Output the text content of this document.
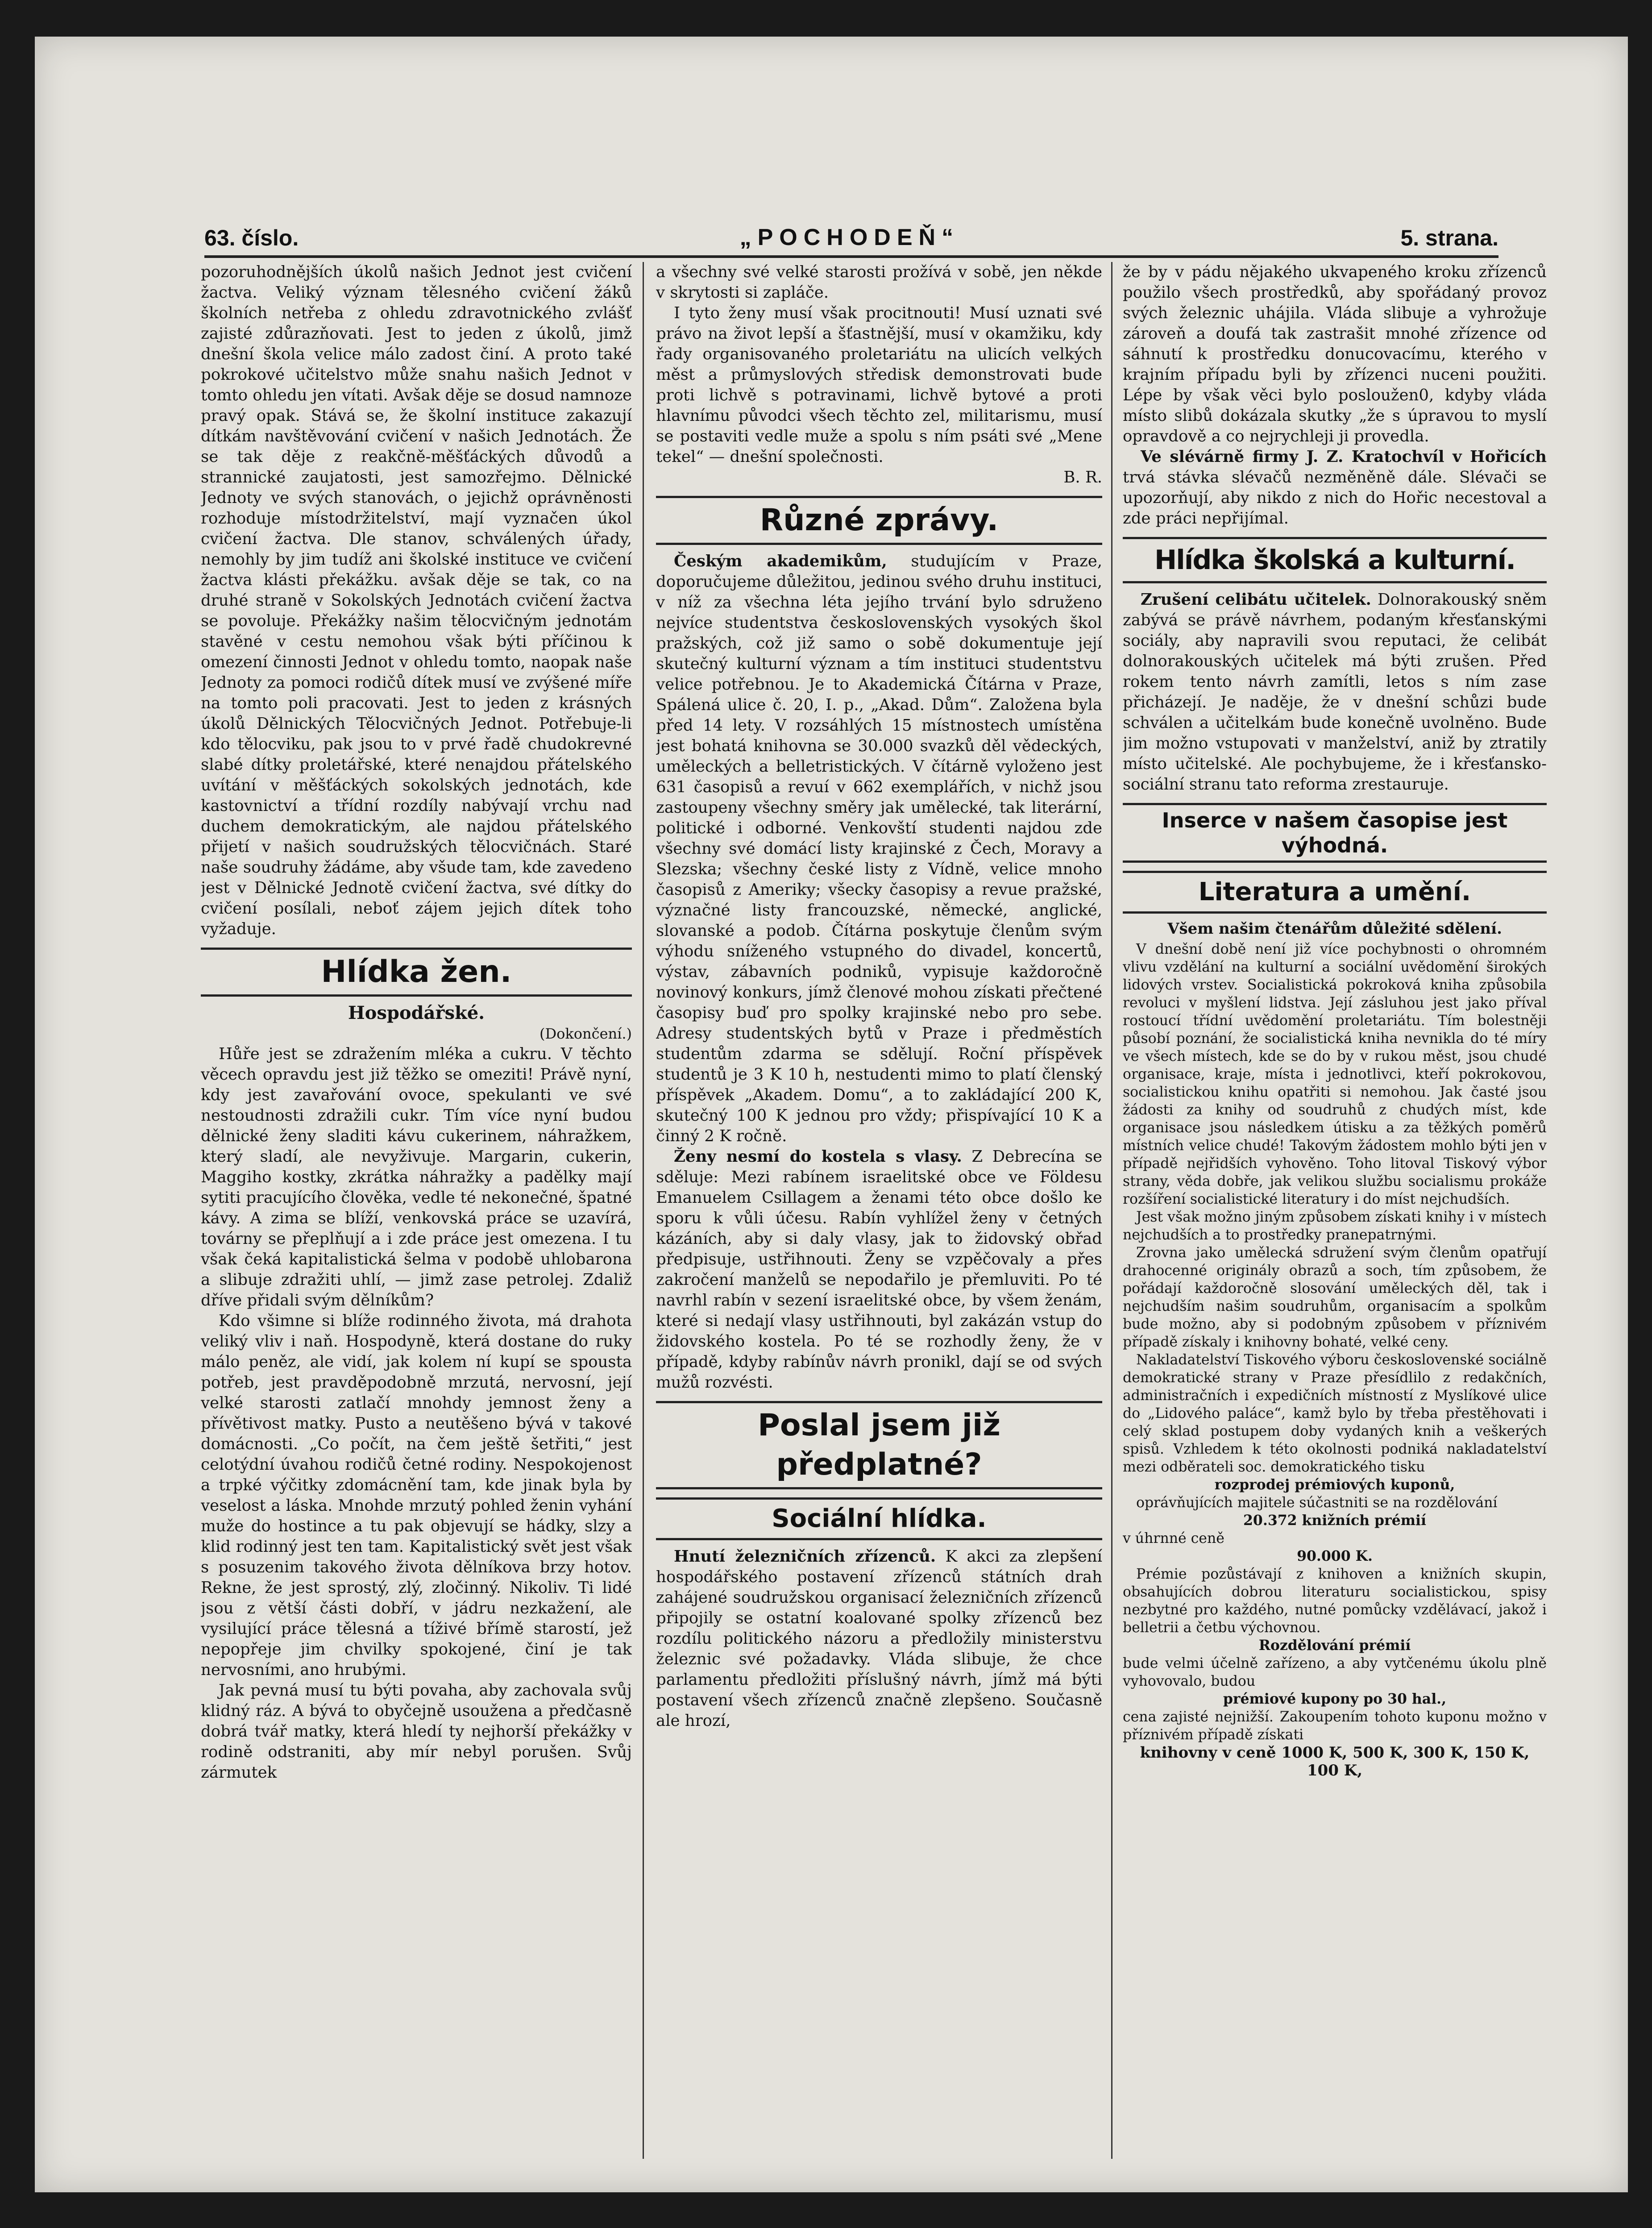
63. číslo.	„POCHODEŇ“	5. strana.

pozoruhodnějších úkolů našich Jednot jest cvičení žactva. Veliký význam tělesného cvičení žáků školních netřeba z ohledu zdravotnického zvlášť zajisté zdůrazňovati. Jest to jeden z úkolů, jimž dnešní škola velice málo zadost činí. A proto také pokrokové učitelstvo může snahu našich Jednot v tomto ohledu jen vítati. Avšak děje se dosud namnoze pravý opak. Stává se, že školní instituce zakazují dítkám navštěvování cvičení v našich Jednotách. Že se tak děje z reakčně-měšťáckých důvodů a strannické zaujatosti, jest samozřejmo. Dělnické Jednoty ve svých stanovách, o jejichž oprávněnosti rozhoduje místodržitelství, mají vyznačen úkol cvičení žactva. Dle stanov, schválených úřady, nemohly by jim tudíž ani školské instituce ve cvičení žactva klásti překážku. avšak děje se tak, co na druhé straně v Sokolských Jednotách cvičení žactva se povoluje. Překážky našim tělocvičným jednotám stavěné v cestu nemohou však býti příčinou k omezení činnosti Jednot v ohledu tomto, naopak naše Jednoty za pomoci rodičů dítek musí ve zvýšené míře na tomto poli pracovati. Jest to jeden z krásných úkolů Dělnických Tělocvičných Jednot. Potřebuje-li kdo tělocviku, pak jsou to v prvé řadě chudokrevné slabé dítky proletářské, které nenajdou přátelského uvítání v měšťáckých sokolských jednotách, kde kastovnictví a třídní rozdíly nabývají vrchu nad duchem demokratickým, ale najdou přátelského přijetí v našich soudružských tělocvičnách. Staré naše soudruhy žádáme, aby všude tam, kde zavedeno jest v Dělnické Jednotě cvičení žactva, své dítky do cvičení posílali, neboť zájem jejich dítek toho vyžaduje.

Hlídka žen.
Hospodářské.
(Dokončení.)

Hůře jest se zdražením mléka a cukru. V těchto věcech opravdu jest již těžko se omeziti! Právě nyní, kdy jest zavařování ovoce, spekulanti ve své nestoudnosti zdražili cukr. Tím více nyní budou dělnické ženy sladiti kávu cukerinem, náhražkem, který sladí, ale nevyživuje. Margarin, cukerin, Maggiho kostky, zkrátka náhražky a padělky mají sytiti pracujícího člověka, vedle té nekonečné, špatné kávy. A zima se blíží, venkovská práce se uzavírá, továrny se přeplňují a i zde práce jest omezena. I tu však čeká kapitalistická šelma v podobě uhlobarona a slibuje zdražiti uhlí, — jimž zase petrolej. Zdaliž dříve přidali svým dělníkům?

Kdo všimne si blíže rodinného života, má drahota veliký vliv i naň. Hospodyně, která dostane do ruky málo peněz, ale vidí, jak kolem ní kupí se spousta potřeb, jest pravděpodobně mrzutá, nervosní, její velké starosti zatlačí mnohdy jemnost ženy a přívětivost matky. Pusto a neutěšeno bývá v takové domácnosti. „Co počít, na čem ještě šetřiti,“ jest celotýdní úvahou rodičů četné rodiny. Nespokojenost a trpké výčitky zdomácnění tam, kde jinak byla by veselost a láska. Mnohde mrzutý pohled ženin vyhání muže do hostince a tu pak objevují se hádky, slzy a klid rodinný jest ten tam. Kapitalistický svět jest však s posuzenim takového života dělníkova brzy hotov. Rekne, že jest sprostý, zlý, zločinný. Nikoliv. Ti lidé jsou z větší části dobří, v jádru nezkažení, ale vysilující práce tělesná a tíživé břímě starostí, jež nepopřeje jim chvilky spokojené, činí je tak nervosními, ano hrubými.

Jak pevná musí tu býti povaha, aby zachovala svůj klidný ráz. A bývá to obyčejně usoužena a předčasně dobrá tvář matky, která hledí ty nejhorší překážky v rodině odstraniti, aby mír nebyl porušen. Svůj zármutek

a všechny své velké starosti prožívá v sobě, jen někde v skrytosti si zapláče.

I tyto ženy musí však procitnouti! Musí uznati své právo na život lepší a šťastnější, musí v okamžiku, kdy řady organisovaného proletariátu na ulicích velkých měst a průmyslových středisk demonstrovati bude proti lichvě s potravinami, lichvě bytové a proti hlavnímu původci všech těchto zel, militarismu, musí se postaviti vedle muže a spolu s ním psáti své „Mene tekel“ — dnešní společnosti.

B. R.
Různé zprávy.

Českým akademikům, studujícím v Praze, doporučujeme důležitou, jedinou svého druhu instituci, v níž za všechna léta jejího trvání bylo sdruženo nejvíce studentstva československých vysokých škol pražských, což již samo o sobě dokumentuje její skutečný kulturní význam a tím instituci studentstvu velice potřebnou. Je to Akademická Čítárna v Praze, Spálená ulice č. 20, I. p., „Akad. Dům“. Založena byla před 14 lety. V rozsáhlých 15 místnostech umístěna jest bohatá knihovna se 30.000 svazků děl vědeckých, uměleckých a belletristických. V čítárně vyloženo jest 631 časopisů a revuí v 662 exemplářích, v nichž jsou zastoupeny všechny směry jak umělecké, tak literární, politické i odborné. Venkovští studenti najdou zde všechny své domácí listy krajinské z Čech, Moravy a Slezska; všechny české listy z Vídně, velice mnoho časopisů z Ameriky; všecky časopisy a revue pražské, význačné listy francouzské, německé, anglické, slovanské a podob. Čítárna poskytuje členům svým výhodu sníženého vstupného do divadel, koncertů, výstav, zábavních podniků, vypisuje každoročně novinový konkurs, jímž členové mohou získati přečtené časopisy buď pro spolky krajinské nebo pro sebe. Adresy studentských bytů v Praze i předměstích studentům zdarma se sdělují. Roční příspěvek studentů je 3 K 10 h, nestudenti mimo to platí členský příspěvek „Akadem. Domu“, a to zakládající 200 K, skutečný 100 K jednou pro vždy; přispívající 10 K a činný 2 K ročně.

Ženy nesmí do kostela s vlasy. Z Debrecína se sděluje: Mezi rabínem israelitské obce ve Földesu Emanuelem Csillagem a ženami této obce došlo ke sporu k vůli účesu. Rabín vyhlížel ženy v četných kázáních, aby si daly vlasy, jak to židovský obřad předpisuje, ustřihnouti. Ženy se vzpěčovaly a přes zakročení manželů se nepodařilo je přemluviti. Po té navrhl rabín v sezení israelitské obce, by všem ženám, které si nedají vlasy ustřihnouti, byl zakázán vstup do židovského kostela. Po té se rozhodly ženy, že v případě, kdyby rabínův návrh pronikl, dají se od svých mužů rozvésti.

Poslal jsem již předplatné?
Sociální hlídka.

Hnutí železničních zřízenců. K akci za zlepšení hospodářského postavení zřízenců státních drah zahájené soudružskou organisací železničních zřízenců připojily se ostatní koalované spolky zřízenců bez rozdílu politického názoru a předložily ministerstvu železnic své požadavky. Vláda slibuje, že chce parlamentu předložiti příslušný návrh, jímž má býti postavení všech zřízenců značně zlepšeno. Současně ale hrozí,

že by v pádu nějakého ukvapeného kroku zřízenců použilo všech prostředků, aby spořádaný provoz svých železnic uhájila. Vláda slibuje a vyhrožuje zároveň a doufá tak zastrašit mnohé zřízence od sáhnutí k prostředku donucovacímu, kterého v krajním případu byli by zřízenci nuceni použiti. Lépe by však věci bylo posloužen0, kdyby vláda místo slibů dokázala skutky „že s úpravou to myslí opravdově a co nejrychleji ji provedla.

Ve slévárně firmy J. Z. Kratochvíl v Hořicích trvá stávka slévačů nezměněně dále. Slévači se upozorňují, aby nikdo z nich do Hořic necestoval a zde práci nepřijímal.

Hlídka školská a kulturní.

Zrušení celibátu učitelek. Dolnorakouský sněm zabývá se právě návrhem, podaným křesťanskými sociály, aby napravili svou reputaci, že celibát dolnorakouských učitelek má býti zrušen. Před rokem tento návrh zamítli, letos s ním zase přicházejí. Je naděje, že v dnešní schůzi bude schválen a učitelkám bude konečně uvolněno. Bude jim možno vstupovati v manželství, aniž by ztratily místo učitelské. Ale pochybujeme, že i křesťansko-sociální stranu tato reforma zrestauruje.

Inserce v našem časopise jest výhodná.
Literatura a umění.
Všem našim čtenářům důležité sdělení.

V dnešní době není již více pochybnosti o ohromném vlivu vzdělání na kulturní a sociální uvědomění širokých lidových vrstev. Socialistická pokroková kniha způsobila revoluci v myšlení lidstva. Její zásluhou jest jako příval rostoucí třídní uvědomění proletariátu. Tím bolestněji působí poznání, že socialistická kniha nevnikla do té míry ve všech místech, kde se do by v rukou měst, jsou chudé organisace, kraje, místa i jednotlivci, kteří pokrokovou, socialistickou knihu opatřiti si nemohou. Jak časté jsou žádosti za knihy od soudruhů z chudých míst, kde organisace jsou následkem útisku a za těžkých poměrů místních velice chudé! Takovým žádostem mohlo býti jen v případě nejřidších vyhověno. Toho litoval Tiskový výbor strany, věda dobře, jak velikou službu socialismu prokáže rozšíření socialistické literatury i do míst nejchudších.

Jest však možno jiným způsobem získati knihy i v místech nejchudších a to prostředky pranepatrnými.

Zrovna jako umělecká sdružení svým členům opatřují drahocenné originály obrazů a soch, tím způsobem, že pořádají každoročně slosování uměleckých děl, tak i nejchudším našim soudruhům, organisacím a spolkům bude možno, aby si podobným způsobem v příznivém případě získaly i knihovny bohaté, velké ceny.

Nakladatelství Tiskového výboru československé sociálně demokratické strany v Praze přesídlilo z redakčních, administračních i expedičních místností z Myslíkové ulice do „Lidového paláce“, kamž bylo by třeba přestěhovati i celý sklad postupem doby vydaných knih a veškerých spisů. Vzhledem k této okolnosti podniká nakladatelství mezi odběrateli soc. demokratického tisku

rozprodej prémiových kuponů,

oprávňujících majitele súčastniti se na rozdělování

20.372 knižních prémií

v úhrnné ceně

90.000 K.

Prémie pozůstávají z knihoven a knižních skupin, obsahujících dobrou literaturu socialistickou, spisy nezbytné pro každého, nutné pomůcky vzdělávací, jakož i belletrii a četbu výchovnou.

Rozdělování prémií

bude velmi účelně zařízeno, a aby vytčenému úkolu plně vyhovovalo, budou

prémiové kupony po 30 hal.,

cena zajisté nejnižší. Zakoupením tohoto kuponu možno v příznivém případě získati

knihovny v ceně 1000 K, 500 K, 300 K, 150 K, 100 K,
